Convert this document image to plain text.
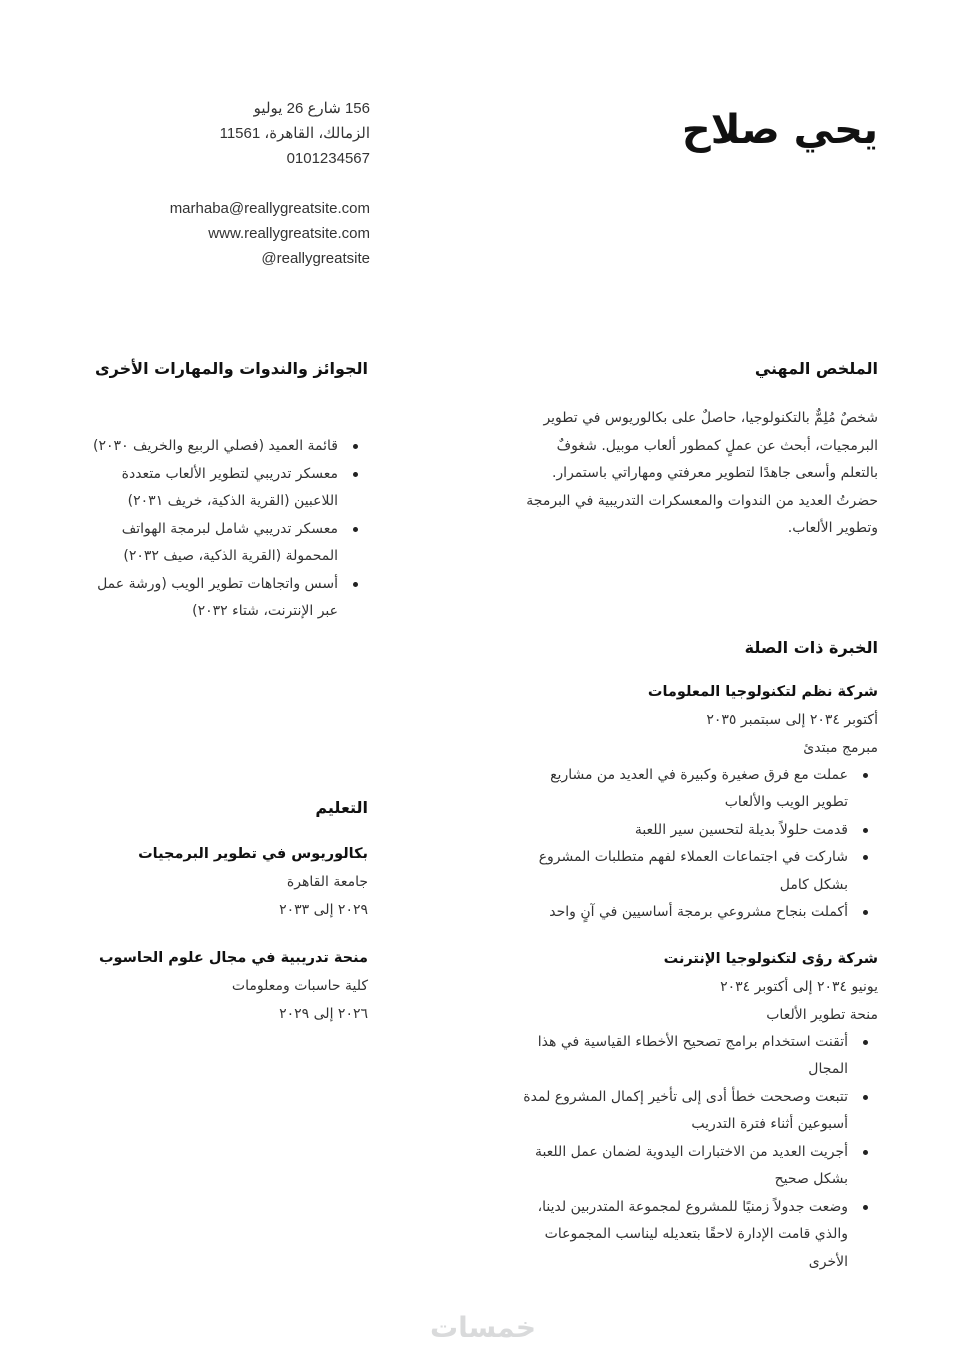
يحي صلاح
156 شارع 26 يوليو
الزمالك، القاهرة، 11561
0101234567
marhaba@reallygreatsite.com
www.reallygreatsite.com
@reallygreatsite
الملخص المهني

شخصٌ مُلِمٌّ بالتكنولوجيا، حاصلٌ على بكالوريوس في تطوير البرمجيات، أبحث عن عملٍ كمطور ألعاب موبيل. شغوفٌ بالتعلم وأسعى جاهدًا لتطوير معرفتي ومهاراتي باستمرار. حضرتُ العديد من الندوات والمعسكرات التدريبية في البرمجة وتطوير الألعاب.

الخبرة ذات الصلة
شركة نظم لتكنولوجيا المعلومات
أكتوبر ٢٠٣٤ إلى سبتمبر ٢٠٣٥
مبرمج مبتدئ
عملت مع فرق صغيرة وكبيرة في العديد من مشاريع تطوير الويب والألعاب
قدمت حلولاً بديلة لتحسين سير اللعبة
شاركت في اجتماعات العملاء لفهم متطلبات المشروع بشكل كامل
أكملت بنجاح مشروعي برمجة أساسيين في آنٍ واحد
شركة رؤى لتكنولوجيا الإنترنت
يونيو ٢٠٣٤ إلى أكتوبر ٢٠٣٤
منحة تطوير الألعاب
أتقنت استخدام برامج تصحيح الأخطاء القياسية في هذا المجال
تتبعت وصححت خطأ أدى إلى تأخير إكمال المشروع لمدة أسبوعين أثناء فترة التدريب
أجريت العديد من الاختبارات اليدوية لضمان عمل اللعبة بشكل صحيح
وضعت جدولاً زمنيًا للمشروع لمجموعة المتدربين لدينا، والذي قامت الإدارة لاحقًا بتعديله ليناسب المجموعات الأخرى
الجوائز والندوات والمهارات الأخرى
قائمة العميد (فصلي الربيع والخريف ٢٠٣٠)
معسكر تدريبي لتطوير الألعاب متعددة اللاعبين (القرية الذكية، خريف ٢٠٣١)
معسكر تدريبي شامل لبرمجة الهواتف المحمولة (القرية الذكية، صيف ٢٠٣٢)
أسس واتجاهات تطوير الويب (ورشة عمل عبر الإنترنت، شتاء ٢٠٣٢)
التعليم
بكالوريوس في تطوير البرمجيات
جامعة القاهرة
٢٠٢٩ إلى ٢٠٣٣
منحة تدريبية في مجال علوم الحاسوب
كلية حاسبات ومعلومات
٢٠٢٦ إلى ٢٠٢٩
خمسات
